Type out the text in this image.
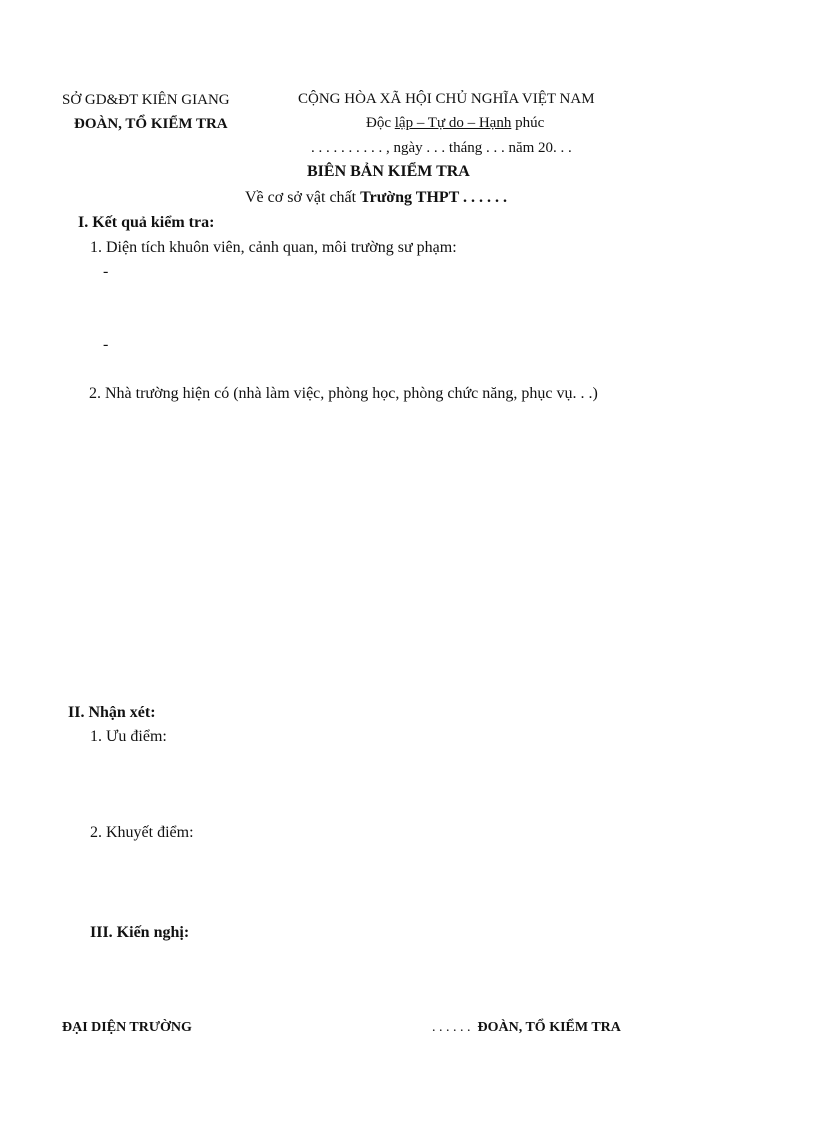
SỞ GD&ĐT KIÊN GIANG
ĐOÀN, TỔ KIỂM TRA
CỘNG HÒA XÃ HỘI CHỦ NGHĨA VIỆT NAM
Độc lập – Tự do – Hạnh phúc
. . . . . . . . . . , ngày . . . tháng . . . năm 20. . .
BIÊN BẢN KIỂM TRA
Về cơ sở vật chất Trường THPT . . . . . .
I. Kết quả kiểm tra:
1. Diện tích khuôn viên, cảnh quan, môi trường sư phạm:
-
-
2. Nhà trường hiện có (nhà làm việc, phòng học, phòng chức năng, phục vụ. . .)
II. Nhận xét:
1. Ưu điểm:
2. Khuyết điểm:
III. Kiến nghị:
ĐẠI DIỆN TRƯỜNG	. . . . . . ĐOÀN, TỔ KIỂM TRA
